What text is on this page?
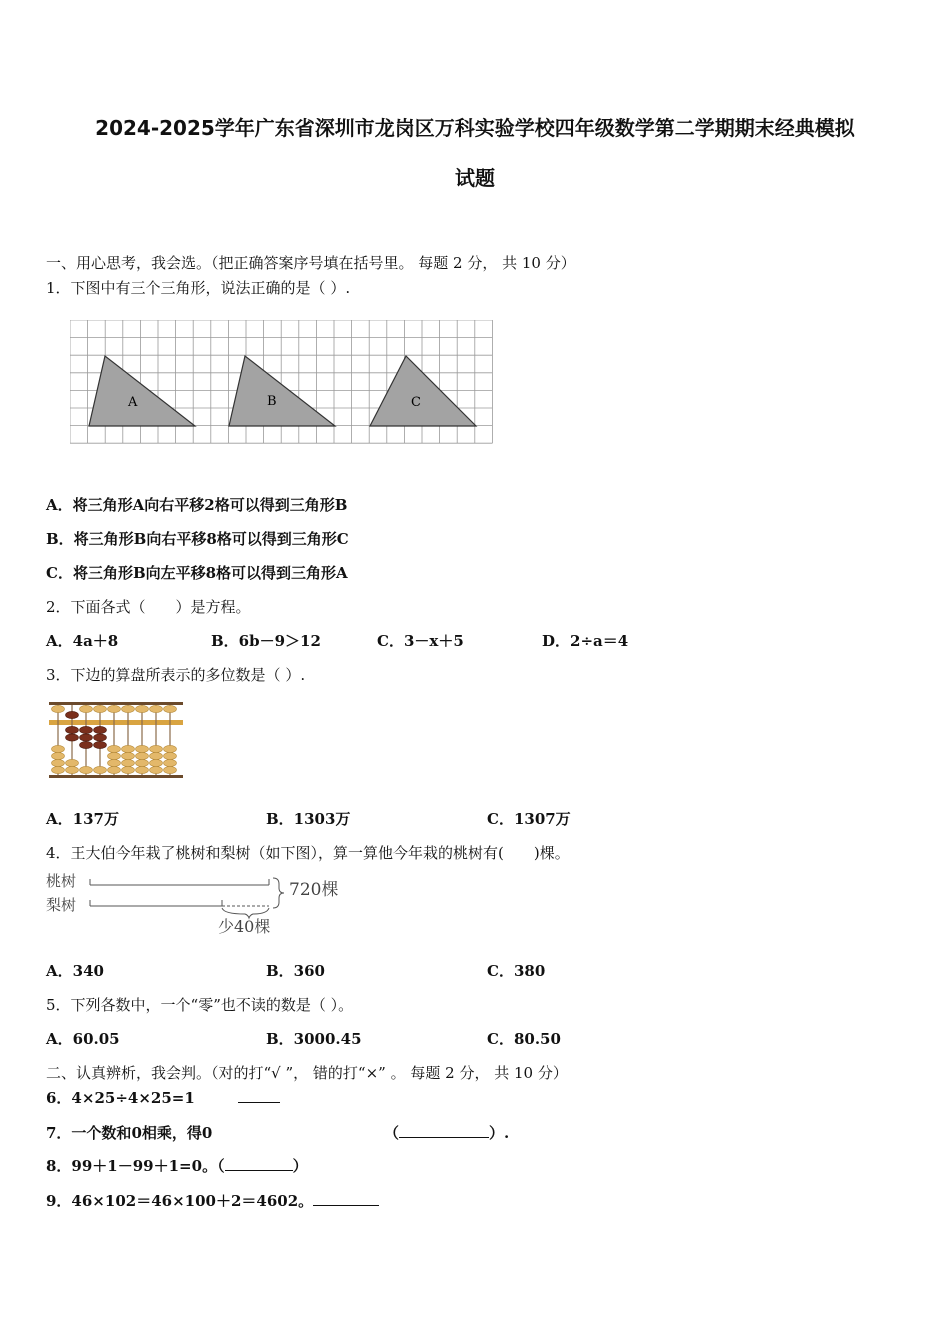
2024-2025学年广东省深圳市龙岗区万科实验学校四年级数学第二学期期末经典模拟
试题
一、用心思考，我会选。（把正确答案序号填在括号里。 每题 2 分， 共 10 分）
1．下图中有三个三角形，说法正确的是（ ）.
A	B	C
A．将三角形A向右平移2格可以得到三角形B
B．将三角形B向右平移8格可以得到三角形C
C．将三角形B向左平移8格可以得到三角形A
2．下面各式（　　）是方程。
A．4a＋8	B．6b－9＞12	C．3－x＋5	D．2÷a＝4
3．下边的算盘所表示的多位数是（ ）.
A．137万	B．1303万	C．1307万
4．王大伯今年栽了桃树和梨树（如下图），算一算他今年栽的桃树有(　　)棵。
桃树
梨树
720棵
少40棵
A．340	B．360	C．380
5．下列各数中，一个“零”也不读的数是（ ）。
A．60.05	B．3000.45	C．80.50
二、认真辨析，我会判。（对的打“√ ”， 错的打“×” 。 每题 2 分， 共 10 分）
6．4×25÷4×25=1
7．一个数和0相乘，得0	（	）.
8．99＋1－99＋1=0。（	）
9．46×102＝46×100＋2＝4602。
